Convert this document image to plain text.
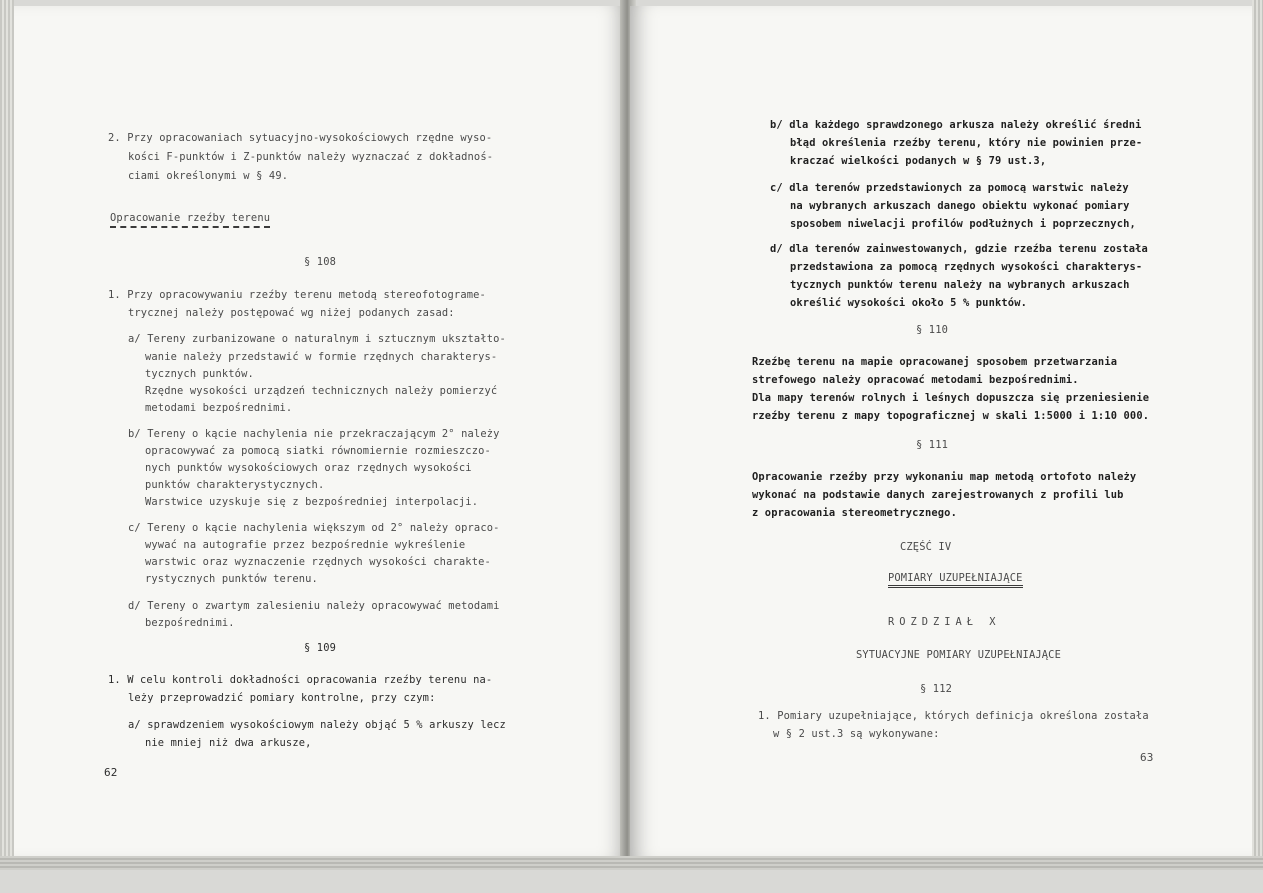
2. Przy opracowaniach sytuacyjno-wysokościowych rzędne wyso-
kości F-punktów i Z-punktów należy wyznaczać z dokładnoś-
ciami określonymi w § 49.
Opracowanie rzeźby terenu
§ 108
1. Przy opracowywaniu rzeźby terenu metodą stereofotograme-
trycznej należy postępować wg niżej podanych zasad:
a/ Tereny zurbanizowane o naturalnym i sztucznym ukształto-
wanie należy przedstawić w formie rzędnych charakterys-
tycznych punktów.
Rzędne wysokości urządzeń technicznych należy pomierzyć
metodami bezpośrednimi.
b/ Tereny o kącie nachylenia nie przekraczającym 2° należy
opracowywać za pomocą siatki równomiernie rozmieszczo-
nych punktów wysokościowych oraz rzędnych wysokości
punktów charakterystycznych.
Warstwice uzyskuje się z bezpośredniej interpolacji.
c/ Tereny o kącie nachylenia większym od 2° należy opraco-
wywać na autografie przez bezpośrednie wykreślenie
warstwic oraz wyznaczenie rzędnych wysokości charakte-
rystycznych punktów terenu.
d/ Tereny o zwartym zalesieniu należy opracowywać metodami
bezpośrednimi.
§ 109
1. W celu kontroli dokładności opracowania rzeźby terenu na-
leży przeprowadzić pomiary kontrolne, przy czym:
a/ sprawdzeniem wysokościowym należy objąć 5 % arkuszy lecz
nie mniej niż dwa arkusze,
62
b/ dla każdego sprawdzonego arkusza należy określić średni
błąd określenia rzeźby terenu, który nie powinien prze-
kraczać wielkości podanych w § 79 ust.3,
c/ dla terenów przedstawionych za pomocą warstwic należy
na wybranych arkuszach danego obiektu wykonać pomiary
sposobem niwelacji profilów podłużnych i poprzecznych,
d/ dla terenów zainwestowanych, gdzie rzeźba terenu została
przedstawiona za pomocą rzędnych wysokości charakterys-
tycznych punktów terenu należy na wybranych arkuszach
określić wysokości około 5 % punktów.
§ 110
Rzeźbę terenu na mapie opracowanej sposobem przetwarzania
strefowego należy opracować metodami bezpośrednimi.
Dla mapy terenów rolnych i leśnych dopuszcza się przeniesienie
rzeźby terenu z mapy topograficznej w skali 1:5000 i 1:10 000.
§ 111
Opracowanie rzeźby przy wykonaniu map metodą ortofoto należy
wykonać na podstawie danych zarejestrowanych z profili lub
z opracowania stereometrycznego.
CZĘŚĆ IV
POMIARY UZUPEŁNIAJĄCE
ROZDZIAŁ X
SYTUACYJNE POMIARY UZUPEŁNIAJĄCE
§ 112
1. Pomiary uzupełniające, których definicja określona została
w § 2 ust.3 są wykonywane:
63
